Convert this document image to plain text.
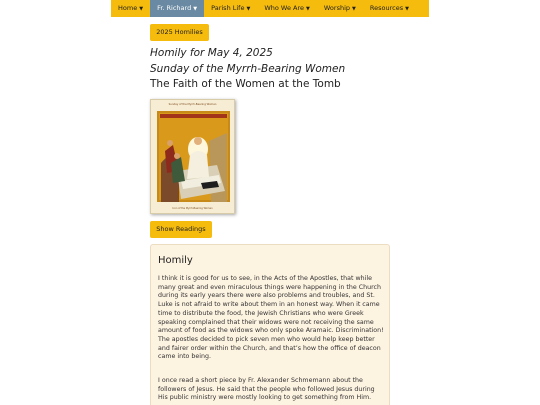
Home ▼	Fr. Richard ▼	Parish Life ▼	Who We Are ▼	Worship ▼	Resources ▼
2025 Homilies
Homily for May 4, 2025
Sunday of the Myrrh-Bearing Women
The Faith of the Women at the Tomb
Sunday of the Myrrh-Bearing Women
Icon of the Myrrh-Bearing Women
Show Readings
Homily

I think it is good for us to see, in the Acts of the Apostles, that while many great and even miraculous things were happening in the Church during its early years there were also problems and troubles, and St. Luke is not afraid to write about them in an honest way. When it came time to distribute the food, the Jewish Christians who were Greek speaking complained that their widows were not receiving the same amount of food as the widows who only spoke Aramaic. Discrimination! The apostles decided to pick seven men who would help keep better and fairer order within the Church, and that’s how the office of deacon came into being.

I once read a short piece by Fr. Alexander Schmemann about the followers of Jesus. He said that the people who followed Jesus during His public ministry were mostly looking to get something from Him.
